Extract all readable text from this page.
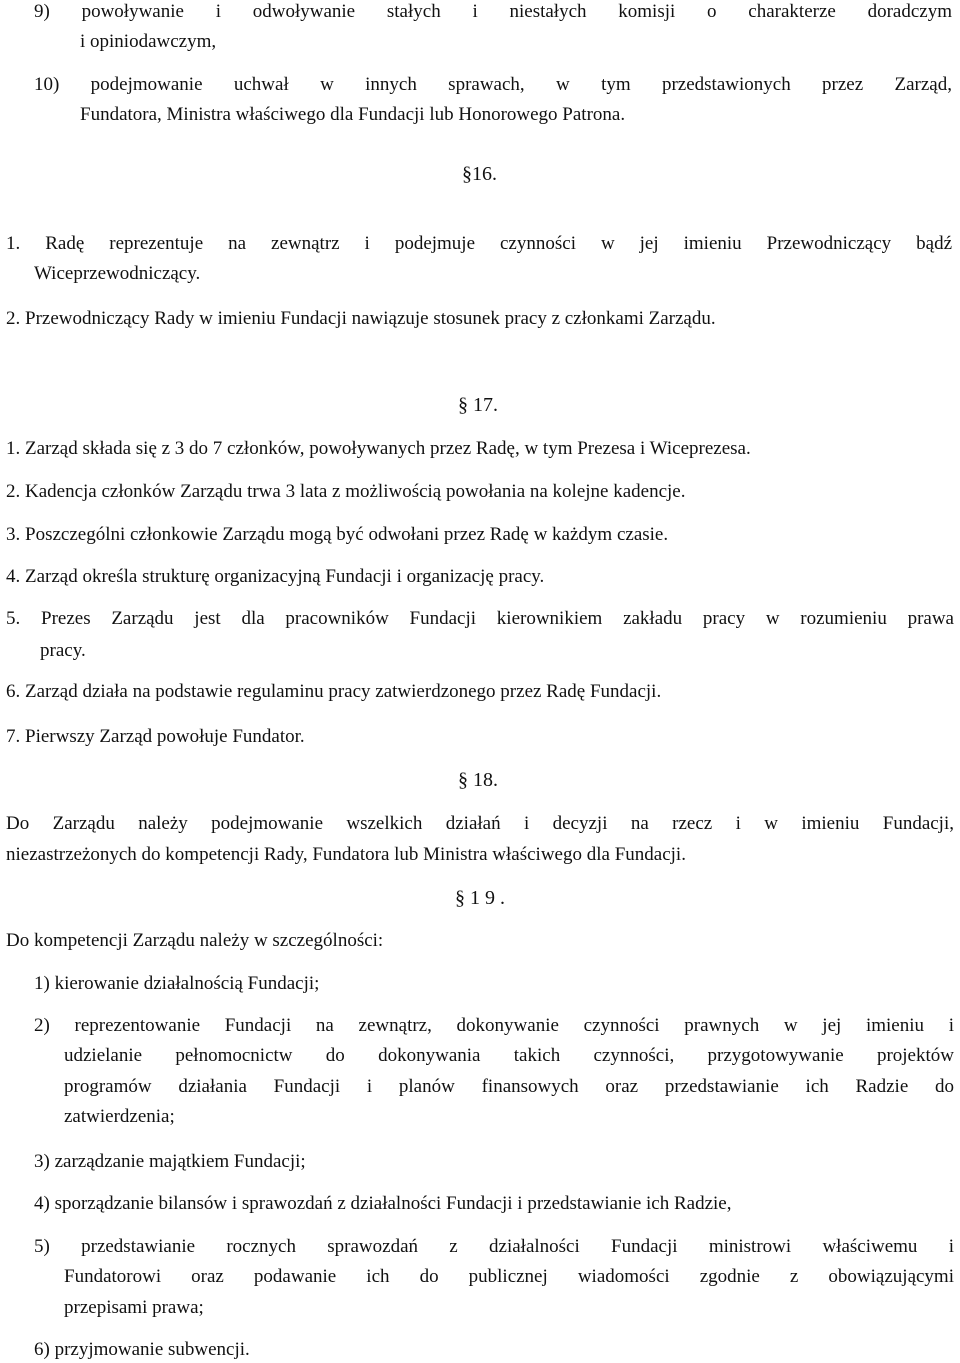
9) powoływanie i odwoływanie stałych i niestałych komisji o charakterze doradczym
i opiniodawczym,
10) podejmowanie uchwał w innych sprawach, w tym przedstawionych przez Zarząd,
Fundatora, Ministra właściwego dla Fundacji lub Honorowego Patrona.
§16.
1. Radę reprezentuje na zewnątrz i podejmuje czynności w jej imieniu Przewodniczący bądź
Wiceprzewodniczący.
2. Przewodniczący Rady w imieniu Fundacji nawiązuje stosunek pracy z członkami Zarządu.
§ 17.
1. Zarząd składa się z 3 do 7 członków, powoływanych przez Radę, w tym Prezesa i Wiceprezesa.
2. Kadencja członków Zarządu trwa 3 lata z możliwością powołania na kolejne kadencje.
3. Poszczególni członkowie Zarządu mogą być odwołani przez Radę w każdym czasie.
4. Zarząd określa strukturę organizacyjną Fundacji i organizację pracy.
5. Prezes Zarządu jest dla pracowników Fundacji kierownikiem zakładu pracy w rozumieniu prawa
pracy.
6. Zarząd działa na podstawie regulaminu pracy zatwierdzonego przez Radę Fundacji.
7. Pierwszy Zarząd powołuje Fundator.
§ 18.
Do Zarządu należy podejmowanie wszelkich działań i decyzji na rzecz i w imieniu Fundacji,
niezastrzeżonych do kompetencji Rady, Fundatora lub Ministra właściwego dla Fundacji.
§ 1 9 .
Do kompetencji Zarządu należy w szczególności:
1) kierowanie działalnością Fundacji;
2) reprezentowanie Fundacji na zewnątrz, dokonywanie czynności prawnych w jej imieniu i
udzielanie pełnomocnictw do dokonywania takich czynności, przygotowywanie projektów
programów działania Fundacji i planów finansowych oraz przedstawianie ich Radzie do
zatwierdzenia;
3) zarządzanie majątkiem Fundacji;
4) sporządzanie bilansów i sprawozdań z działalności Fundacji i przedstawianie ich Radzie,
5) przedstawianie rocznych sprawozdań z działalności Fundacji ministrowi właściwemu i
Fundatorowi oraz podawanie ich do publicznej wiadomości zgodnie z obowiązującymi
przepisami prawa;
6) przyjmowanie subwencji.
